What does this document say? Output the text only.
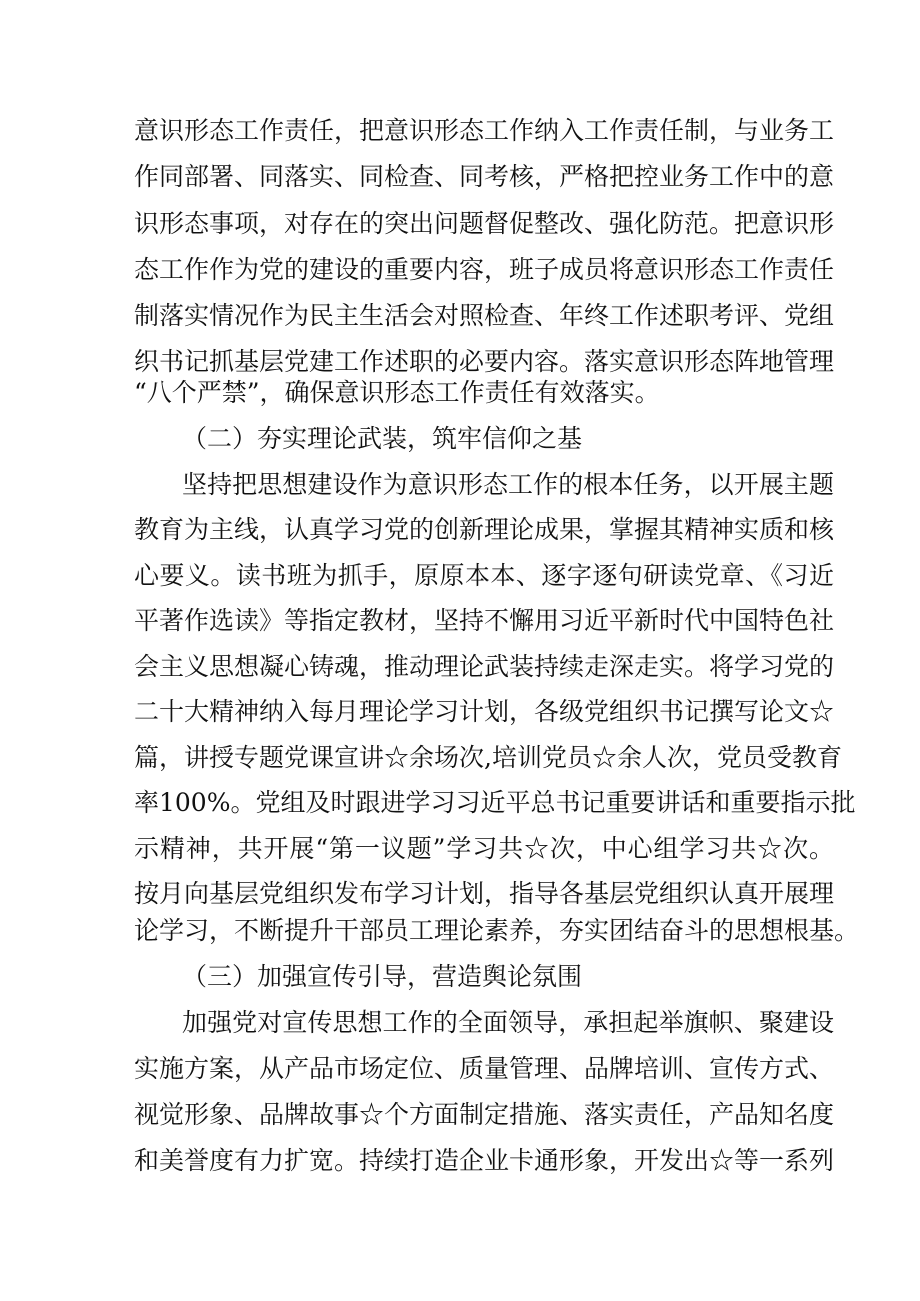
意识形态工作责任，把意识形态工作纳入工作责任制，与业务工
作同部署、同落实、同检查、同考核，严格把控业务工作中的意
识形态事项，对存在的突出问题督促整改、强化防范。把意识形
态工作作为党的建设的重要内容，班子成员将意识形态工作责任
制落实情况作为民主生活会对照检查、年终工作述职考评、党组
织书记抓基层党建工作述职的必要内容。落实意识形态阵地管理
“八个严禁”，确保意识形态工作责任有效落实。
（二）夯实理论武装，筑牢信仰之基
坚持把思想建设作为意识形态工作的根本任务，以开展主题
教育为主线，认真学习党的创新理论成果，掌握其精神实质和核
心要义。读书班为抓手，原原本本、逐字逐句研读党章、《习近
平著作选读》等指定教材，坚持不懈用习近平新时代中国特色社
会主义思想凝心铸魂，推动理论武装持续走深走实。将学习党的
二十大精神纳入每月理论学习计划，各级党组织书记撰写论文☆
篇，讲授专题党课宣讲☆余场次,培训党员☆余人次，党员受教育
率100%。党组及时跟进学习习近平总书记重要讲话和重要指示批
示精神，共开展“第一议题”学习共☆次，中心组学习共☆次。
按月向基层党组织发布学习计划，指导各基层党组织认真开展理
论学习，不断提升干部员工理论素养，夯实团结奋斗的思想根基。
（三）加强宣传引导，营造舆论氛围
加强党对宣传思想工作的全面领导，承担起举旗帜、聚建设
实施方案，从产品市场定位、质量管理、品牌培训、宣传方式、
视觉形象、品牌故事☆个方面制定措施、落实责任，产品知名度
和美誉度有力扩宽。持续打造企业卡通形象，开发出☆等一系列
